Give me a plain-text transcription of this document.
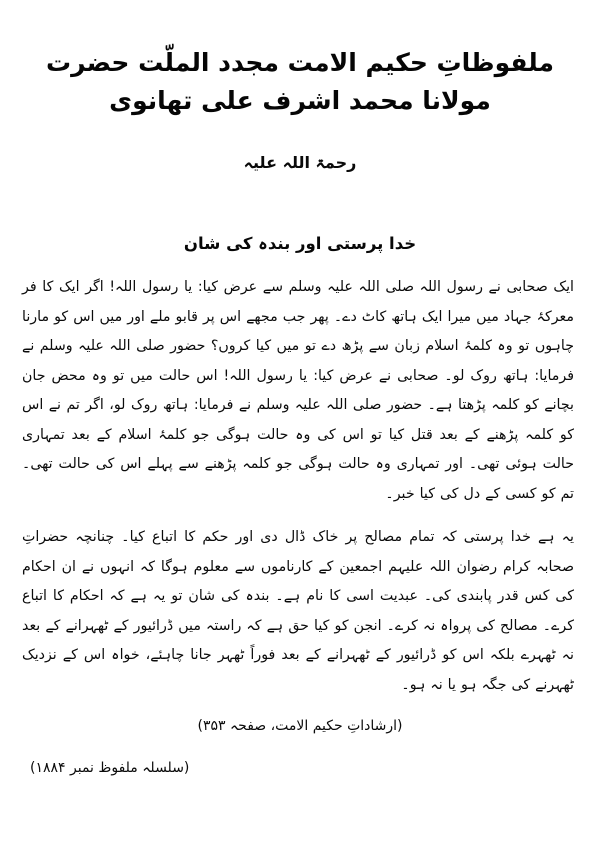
ملفوظاتِ حکیم الامت مجدد الملّت حضرت مولانا محمد اشرف علی تھانوی
رحمۃ اللہ علیہ
خدا پرستی اور بندہ کی شان

ایک صحابی نے رسول اللہ صلی اللہ علیہ وسلم سے عرض کیا: یا رسول اللہ! اگر ایک کا فر معرکۂ جہاد میں میرا ایک ہاتھ کاٹ دے۔ پھر جب مجھے اس پر قابو ملے اور میں اس کو مارنا چاہوں تو وہ کلمۂ اسلام زبان سے پڑھ دے تو میں کیا کروں؟ حضور صلی اللہ علیہ وسلم نے فرمایا: ہاتھ روک لو۔ صحابی نے عرض کیا: یا رسول اللہ! اس حالت میں تو وہ محض جان بچانے کو کلمہ پڑھتا ہے۔ حضور صلی اللہ علیہ وسلم نے فرمایا: ہاتھ روک لو، اگر تم نے اس کو کلمہ پڑھنے کے بعد قتل کیا تو اس کی وہ حالت ہوگی جو کلمۂ اسلام کے بعد تمہاری حالت ہوئی تھی۔ اور تمہاری وہ حالت ہوگی جو کلمہ پڑھنے سے پہلے اس کی حالت تھی۔ تم کو کسی کے دل کی کیا خبر۔

یہ ہے خدا پرستی کہ تمام مصالح پر خاک ڈال دی اور حکم کا اتباع کیا۔ چنانچہ حضراتِ صحابہ کرام رضوان اللہ علیہم اجمعین کے کارناموں سے معلوم ہوگا کہ انہوں نے ان احکام کی کس قدر پابندی کی۔ عبدیت اسی کا نام ہے۔ بندہ کی شان تو یہ ہے کہ احکام کا اتباع کرے۔ مصالح کی پرواہ نہ کرے۔ انجن کو کیا حق ہے کہ راستہ میں ڈرائیور کے ٹھہرانے کے بعد نہ ٹھہرے بلکہ اس کو ڈرائیور کے ٹھہرانے کے بعد فوراً ٹھہر جانا چاہئے، خواہ اس کے نزدیک ٹھہرنے کی جگہ ہو یا نہ ہو۔

(ارشاداتِ حکیم الامت، صفحہ ۳۵۳)
(سلسلہ ملفوظ نمبر ۱۸۸۴)
